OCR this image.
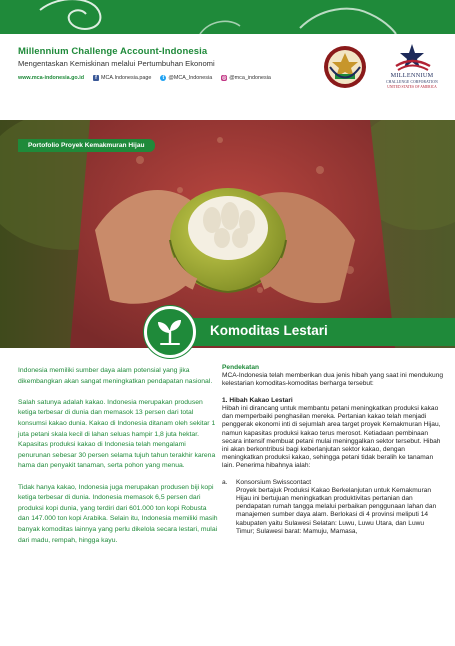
Millennium Challenge Account-Indonesia
Mengentaskan Kemiskinan melalui Pertumbuhan Ekonomi
www.mca-indonesia.go.id	f MCA.Indonesia.page	t @MCA_Indonesia ◎ @mca_indonesia	MILLENNIUM
CHALLENGE CORPORATION
UNITED STATES OF AMERICA
Portofolio Proyek Kemakmuran Hijau
Komoditas Lestari

Indonesia memiliki sumber daya alam potensial yang jika dikembangkan akan sangat meningkatkan pendapatan nasional.

Salah satunya adalah kakao. Indonesia merupakan produsen ketiga terbesar di dunia dan memasok 13 persen dari total konsumsi kakao dunia. Kakao di Indonesia ditanam oleh sekitar 1 juta petani skala kecil di lahan seluas hampir 1,8 juta hektar. Kapasitas produksi kakao di Indonesia telah mengalami penurunan sebesar 30 persen selama tujuh tahun terakhir karena hama dan penyakit tanaman, serta pohon yang menua.

Tidak hanya kakao, Indonesia juga merupakan produsen biji kopi ketiga terbesar di dunia. Indonesia memasok 6,5 persen dari produksi kopi dunia, yang terdiri dari 601.000 ton kopi Robusta dan 147.000 ton kopi Arabika. Selain itu, Indonesia memiliki masih banyak komoditas lainnya yang perlu dikelola secara lestari, mulai dari madu, rempah, hingga kayu.

Pendekatan
MCA-Indonesia telah memberikan dua jenis hibah yang saat ini mendukung kelestarian komoditas-komoditas berharga tersebut:
1. Hibah Kakao Lestari
Hibah ini dirancang untuk membantu petani meningkatkan produksi kakao dan memperbaiki penghasilan mereka. Pertanian kakao telah menjadi penggerak ekonomi inti di sejumlah area target proyek Kemakmuran Hijau, namun kapasitas produksi kakao terus merosot. Ketiadaan pembinaan secara intensif membuat petani mulai meninggalkan sektor tersebut. Hibah ini akan berkontribusi bagi keberlanjutan sektor kakao, dengan meningkatkan produksi kakao, sehingga petani tidak beralih ke tanaman lain. Penerima hibahnya ialah:
a.	Konsorsium Swisscontact
Proyek bertajuk Produksi Kakao Berkelanjutan untuk Kemakmuran Hijau ini bertujuan meningkatkan produktivitas pertanian dan pendapatan rumah tangga melalui perbaikan penggunaan lahan dan manajemen sumber daya alam. Berlokasi di 4 provinsi meliputi 14 kabupaten yaitu Sulawesi Selatan: Luwu, Luwu Utara, dan Luwu Timur; Sulawesi barat: Mamuju, Mamasa,
